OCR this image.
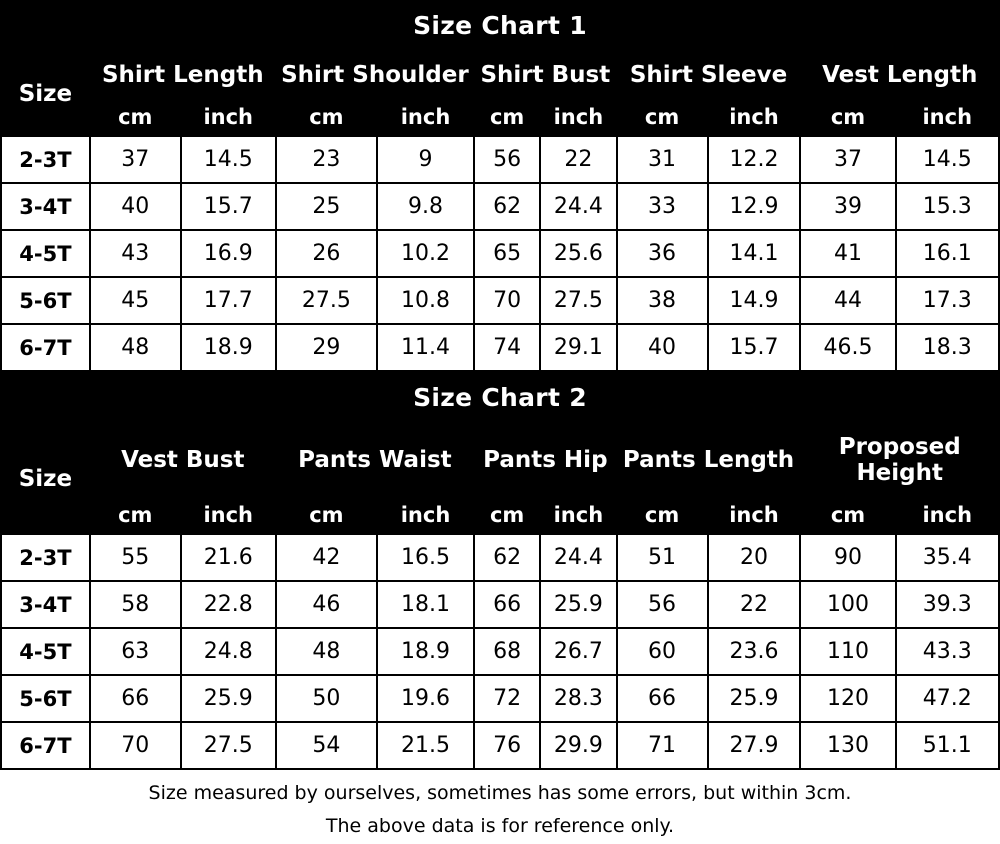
Size Chart 1										
Size	Shirt Length		Shirt Shoulder		Shirt Bust		Shirt Sleeve		Vest Length	
	cm	inch	cm	inch	cm	inch	cm	inch	cm	inch
2-3T	37	14.5	23	9	56	22	31	12.2	37	14.5
3-4T	40	15.7	25	9.8	62	24.4	33	12.9	39	15.3
4-5T	43	16.9	26	10.2	65	25.6	36	14.1	41	16.1
5-6T	45	17.7	27.5	10.8	70	27.5	38	14.9	44	17.3
6-7T	48	18.9	29	11.4	74	29.1	40	15.7	46.5	18.3
Size Chart 2										
Size	Vest Bust		Pants Waist		Pants Hip		Pants Length		Proposed Height	
	cm	inch	cm	inch	cm	inch	cm	inch	cm	inch
2-3T	55	21.6	42	16.5	62	24.4	51	20	90	35.4
3-4T	58	22.8	46	18.1	66	25.9	56	22	100	39.3
4-5T	63	24.8	48	18.9	68	26.7	60	23.6	110	43.3
5-6T	66	25.9	50	19.6	72	28.3	66	25.9	120	47.2
6-7T	70	27.5	54	21.5	76	29.9	71	27.9	130	51.1
Size measured by ourselves, sometimes has some errors, but within 3cm.
The above data is for reference only.
